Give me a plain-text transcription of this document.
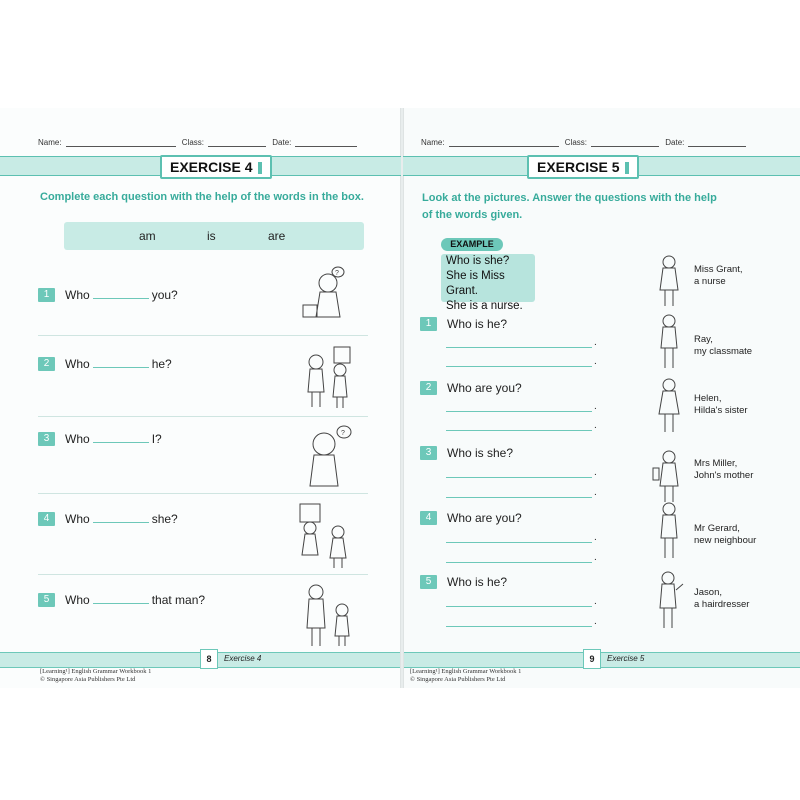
Name:	Class:	Date:
EXERCISE 4
Complete each question with the help of the words in the box.
am	is	are
1	Who	you?
2	Who	he?
3	Who	I?
4	Who	she?
5	Who	that man?
?
?
8	Exercise 4
[Learning¹] English Grammar Workbook 1
© Singapore Asia Publishers Pte Ltd
Name:	Class:	Date:
EXERCISE 5
Look at the pictures. Answer the questions with the help
of the words given.
EXAMPLE
Who is she?
She is Miss Grant.
She is a nurse.
Miss Grant,
a nurse
1	Who is he?
.
.
Ray,
my classmate
2	Who are you?
.
.
Helen,
Hilda's sister
3	Who is she?
.
.
Mrs Miller,
John's mother
4	Who are you?
.
.
Mr Gerard,
new neighbour
5	Who is he?
.
.
Jason,
a hairdresser
9	Exercise 5
[Learning¹] English Grammar Workbook 1
© Singapore Asia Publishers Pte Ltd
